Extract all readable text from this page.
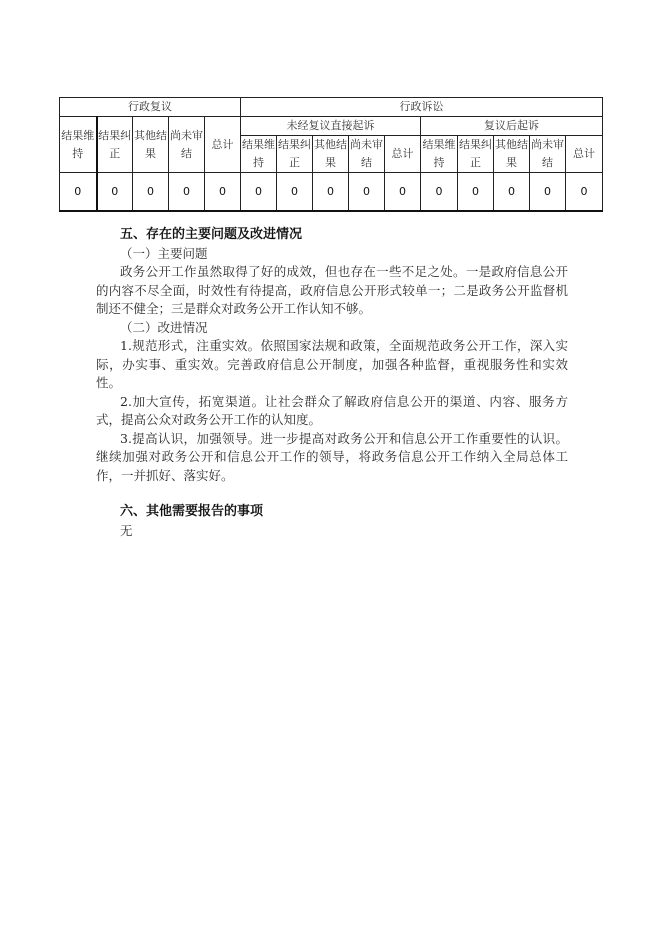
行政复议					行政诉讼									
结果维持	结果纠正	其他结果	尚未审结	总计	未经复议直接起诉					复议后起诉				
					结果维持	结果纠正	其他结果	尚未审结	总计	结果维持	结果纠正	其他结果	尚未审结	总计
0	0	0	0	0	0	0	0	0	0	0	0	0	0	0

五、存在的主要问题及改进情况

（一）主要问题

政务公开工作虽然取得了好的成效，但也存在一些不足之处。一是政府信息公开的内容不尽全面，时效性有待提高，政府信息公开形式较单一；二是政务公开监督机制还不健全；三是群众对政务公开工作认知不够。

（二）改进情况

1.规范形式，注重实效。依照国家法规和政策，全面规范政务公开工作，深入实际，办实事、重实效。完善政府信息公开制度，加强各种监督，重视服务性和实效性。

2.加大宣传，拓宽渠道。让社会群众了解政府信息公开的渠道、内容、服务方式，提高公众对政务公开工作的认知度。

3.提高认识，加强领导。进一步提高对政务公开和信息公开工作重要性的认识。继续加强对政务公开和信息公开工作的领导，将政务信息公开工作纳入全局总体工作，一并抓好、落实好。

六、其他需要报告的事项

无
